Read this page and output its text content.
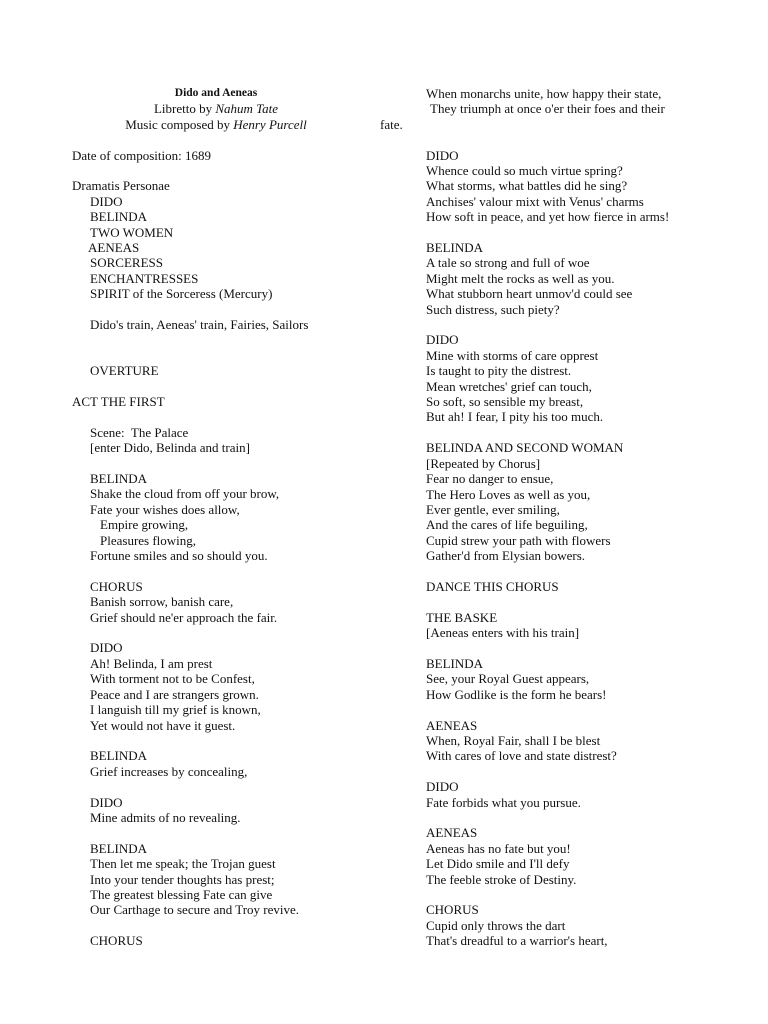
Dido and Aeneas
Libretto by Nahum Tate
Music composed by Henry Purcell
Date of composition: 1689
Dramatis Personae
DIDO
BELINDA
TWO WOMEN
AENEAS
SORCERESS
ENCHANTRESSES
SPIRIT of the Sorceress (Mercury)
Dido's train, Aeneas' train, Fairies, Sailors
OVERTURE
ACT THE FIRST
Scene:  The Palace
[enter Dido, Belinda and train]
BELINDA
Shake the cloud from off your brow,
Fate your wishes does allow,
Empire growing,
Pleasures flowing,
Fortune smiles and so should you.
CHORUS
Banish sorrow, banish care,
Grief should ne'er approach the fair.
DIDO
Ah! Belinda, I am prest
With torment not to be Confest,
Peace and I are strangers grown.
I languish till my grief is known,
Yet would not have it guest.
BELINDA
Grief increases by concealing,
DIDO
Mine admits of no revealing.
BELINDA
Then let me speak; the Trojan guest
Into your tender thoughts has prest;
The greatest blessing Fate can give
Our Carthage to secure and Troy revive.
CHORUS
When monarchs unite, how happy their state,
They triumph at once o'er their foes and their
fate.
DIDO
Whence could so much virtue spring?
What storms, what battles did he sing?
Anchises' valour mixt with Venus' charms
How soft in peace, and yet how fierce in arms!
BELINDA
A tale so strong and full of woe
Might melt the rocks as well as you.
What stubborn heart unmov'd could see
Such distress, such piety?
DIDO
Mine with storms of care opprest
Is taught to pity the distrest.
Mean wretches' grief can touch,
So soft, so sensible my breast,
But ah! I fear, I pity his too much.
BELINDA AND SECOND WOMAN
[Repeated by Chorus]
Fear no danger to ensue,
The Hero Loves as well as you,
Ever gentle, ever smiling,
And the cares of life beguiling,
Cupid strew your path with flowers
Gather'd from Elysian bowers.
DANCE THIS CHORUS
THE BASKE
[Aeneas enters with his train]
BELINDA
See, your Royal Guest appears,
How Godlike is the form he bears!
AENEAS
When, Royal Fair, shall I be blest
With cares of love and state distrest?
DIDO
Fate forbids what you pursue.
AENEAS
Aeneas has no fate but you!
Let Dido smile and I'll defy
The feeble stroke of Destiny.
CHORUS
Cupid only throws the dart
That's dreadful to a warrior's heart,
